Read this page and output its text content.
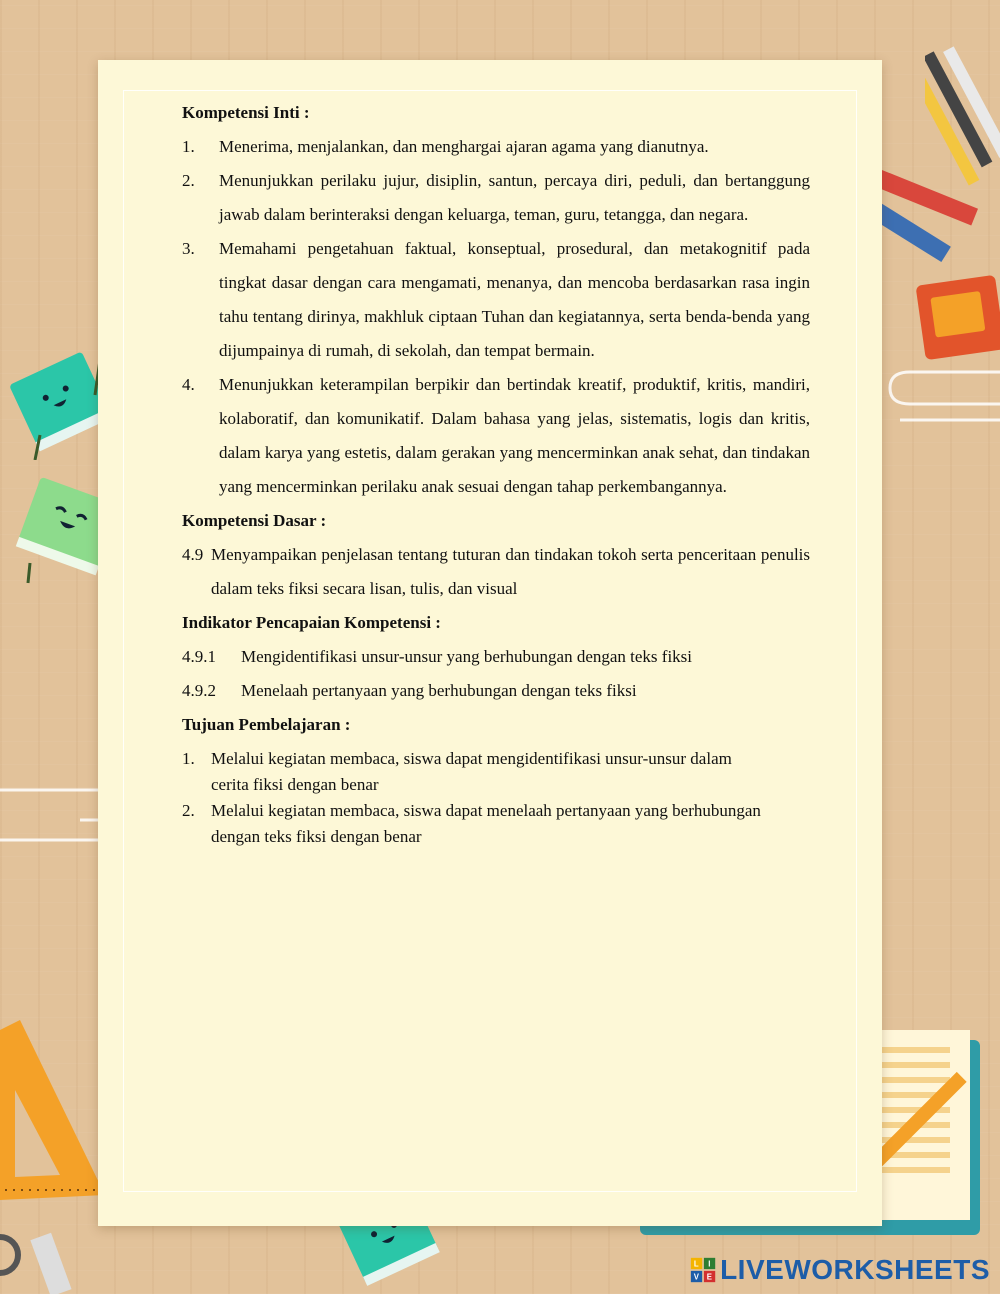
Kompetensi Inti :
1.	Menerima, menjalankan, dan menghargai ajaran agama yang dianutnya.
2.	Menunjukkan perilaku jujur, disiplin, santun, percaya diri, peduli, dan bertanggung jawab dalam berinteraksi dengan keluarga, teman, guru, tetangga, dan negara.
3.	Memahami pengetahuan faktual, konseptual, prosedural, dan metakognitif pada tingkat dasar dengan cara mengamati, menanya, dan mencoba berdasarkan rasa ingin tahu tentang dirinya, makhluk ciptaan Tuhan dan kegiatannya, serta benda-benda yang dijumpainya di rumah, di sekolah, dan tempat bermain.
4.	Menunjukkan keterampilan berpikir dan bertindak kreatif, produktif, kritis, mandiri, kolaboratif, dan komunikatif. Dalam bahasa yang jelas, sistematis, logis dan kritis, dalam karya yang estetis, dalam gerakan yang mencerminkan anak sehat, dan tindakan yang mencerminkan perilaku anak sesuai dengan tahap perkembangannya.
Kompetensi Dasar :
4.9 Menyampaikan penjelasan tentang tuturan dan tindakan tokoh serta penceritaan penulis dalam teks fiksi secara lisan, tulis, dan visual
Indikator Pencapaian Kompetensi :
4.9.1	Mengidentifikasi unsur-unsur yang berhubungan dengan teks fiksi
4.9.2	Menelaah pertanyaan yang berhubungan dengan teks fiksi
Tujuan Pembelajaran :
1. Melalui kegiatan membaca, siswa dapat mengidentifikasi unsur-unsur dalam cerita fiksi dengan benar
2. Melalui kegiatan membaca, siswa dapat menelaah pertanyaan yang berhubungan dengan teks fiksi dengan benar
L I
V E LIVEWORKSHEETS
